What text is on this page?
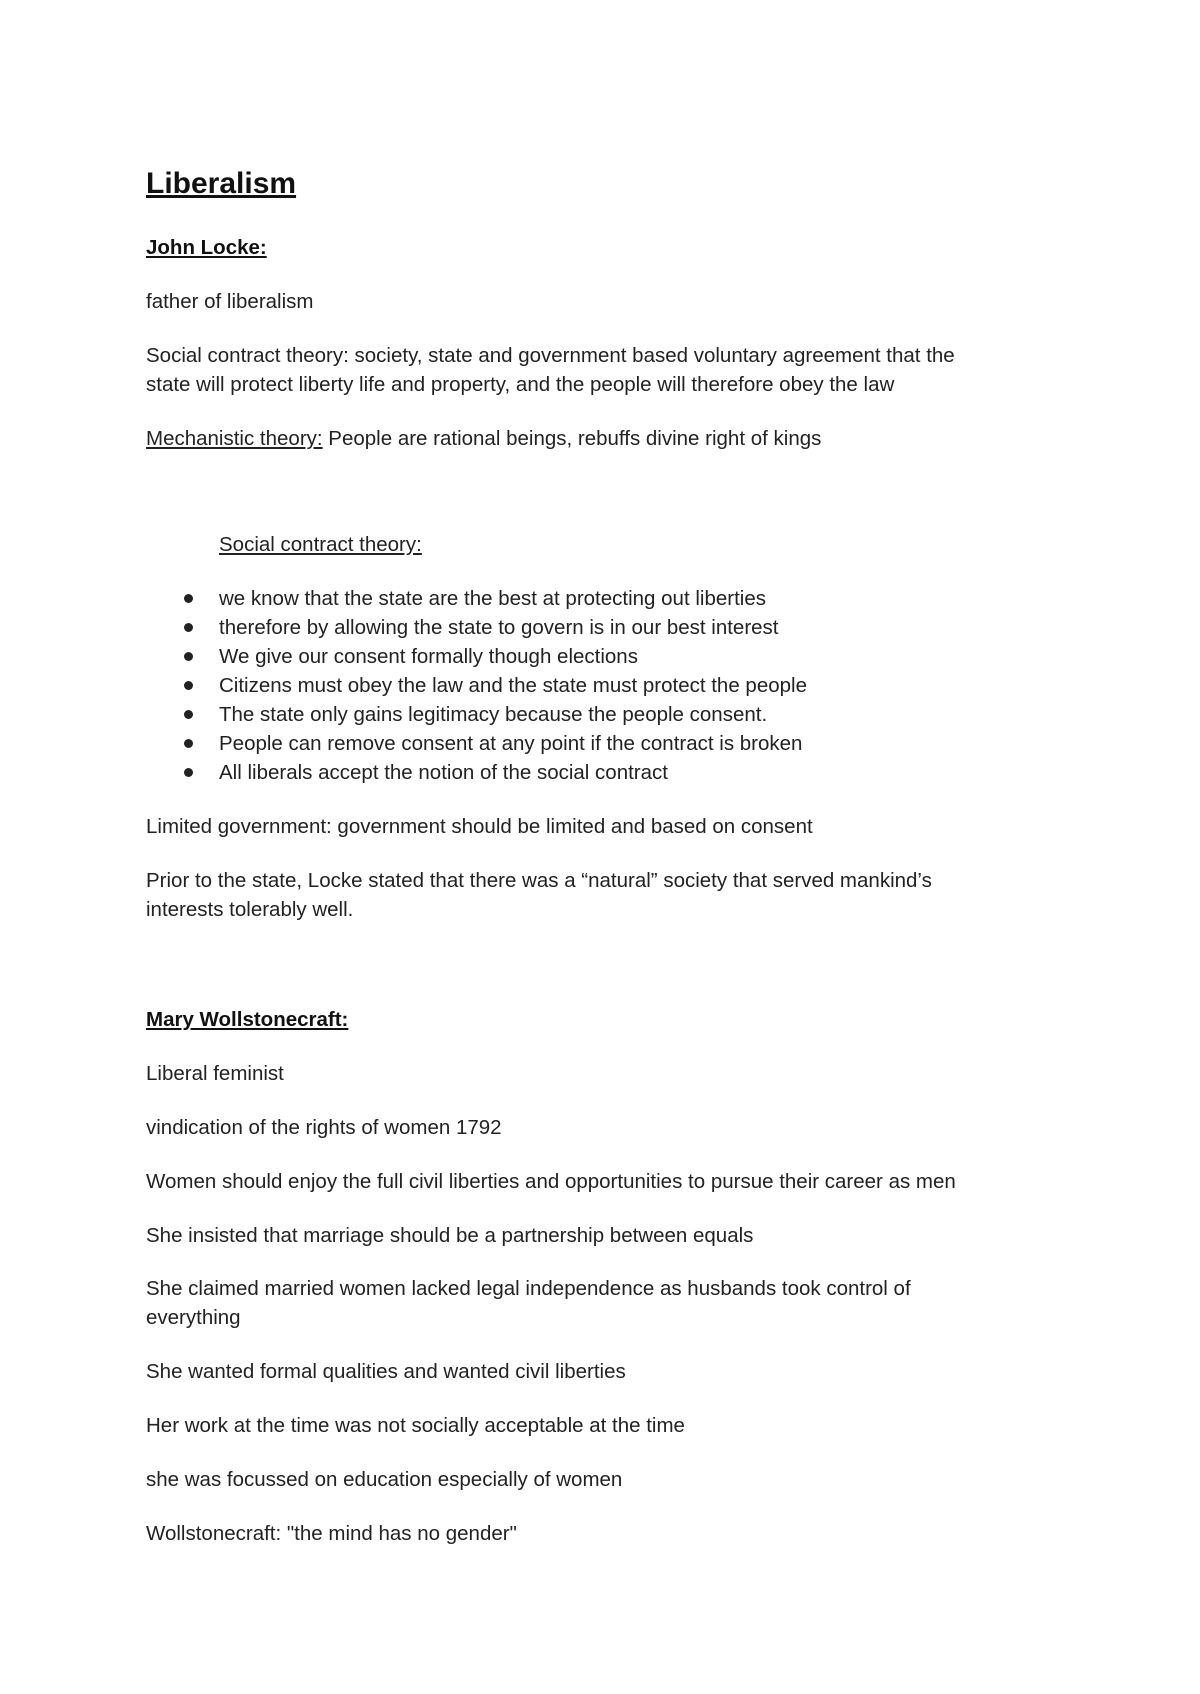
Liberalism
John Locke:
father of liberalism
Social contract theory: society, state and government based voluntary agreement that the
state will protect liberty life and property, and the people will therefore obey the law
Mechanistic theory: People are rational beings, rebuffs divine right of kings
Social contract theory:
we know that the state are the best at protecting out liberties
therefore by allowing the state to govern is in our best interest
We give our consent formally though elections
Citizens must obey the law and the state must protect the people
The state only gains legitimacy because the people consent.
People can remove consent at any point if the contract is broken
All liberals accept the notion of the social contract
Limited government: government should be limited and based on consent
Prior to the state, Locke stated that there was a “natural” society that served mankind’s
interests tolerably well.
Mary Wollstonecraft:
Liberal feminist
vindication of the rights of women 1792
Women should enjoy the full civil liberties and opportunities to pursue their career as men
She insisted that marriage should be a partnership between equals
She claimed married women lacked legal independence as husbands took control of
everything
She wanted formal qualities and wanted civil liberties
Her work at the time was not socially acceptable at the time
she was focussed on education especially of women
Wollstonecraft: "the mind has no gender"
